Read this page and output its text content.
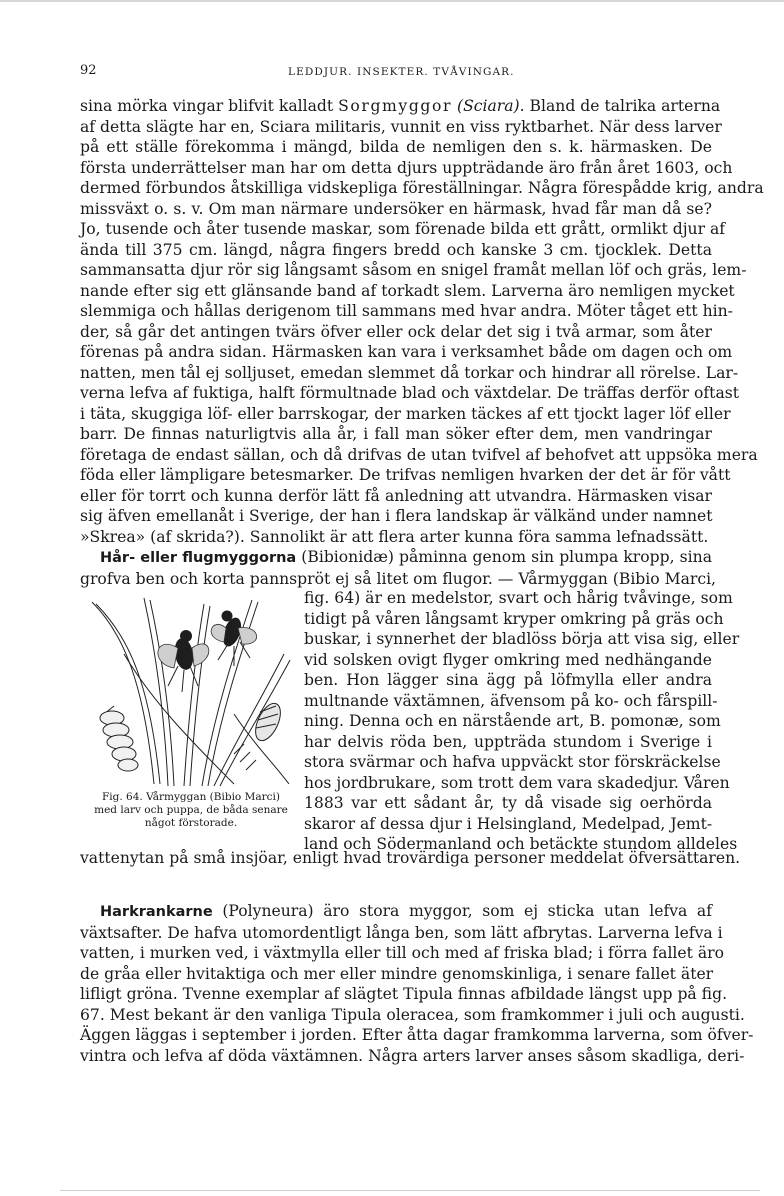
92	LEDDJUR. INSEKTER. TVÅVINGAR.
sina mörka vingar blifvit kalladt Sorgmyggor (Sciara). Bland de talrika arterna
af detta slägte har en, Sciara militaris, vunnit en viss ryktbarhet. När dess larver
på ett ställe förekomma i mängd, bilda de nemligen den s. k. härmasken. De
första underrättelser man har om detta djurs uppträdande äro från året 1603, och
dermed förbundos åtskilliga vidskepliga föreställningar. Några förespådde krig, andra
missväxt o. s. v. Om man närmare undersöker en härmask, hvad får man då se?
Jo, tusende och åter tusende maskar, som förenade bilda ett grått, ormlikt djur af
ända till 375 cm. längd, några fingers bredd och kanske 3 cm. tjocklek. Detta
sammansatta djur rör sig långsamt såsom en snigel framåt mellan löf och gräs, lem-
nande efter sig ett glänsande band af torkadt slem. Larverna äro nemligen mycket
slemmiga och hållas derigenom till sammans med hvar andra. Möter tåget ett hin-
der, så går det antingen tvärs öfver eller ock delar det sig i två armar, som åter
förenas på andra sidan. Härmasken kan vara i verksamhet både om dagen och om
natten, men tål ej solljuset, emedan slemmet då torkar och hindrar all rörelse. Lar-
verna lefva af fuktiga, halft förmultnade blad och växtdelar. De träffas derför oftast
i täta, skuggiga löf- eller barrskogar, der marken täckes af ett tjockt lager löf eller
barr. De finnas naturligtvis alla år, i fall man söker efter dem, men vandringar
företaga de endast sällan, och då drifvas de utan tvifvel af behofvet att uppsöka mera
föda eller lämpligare betesmarker. De trifvas nemligen hvarken der det är för vått
eller för torrt och kunna derför lätt få anledning att utvandra. Härmasken visar
sig äfven emellanåt i Sverige, der han i flera landskap är välkänd under namnet
»Skrea» (af skrida?). Sannolikt är att flera arter kunna föra samma lefnadssätt.
Hår- eller flugmyggorna (Bibionidæ) påminna genom sin plumpa kropp, sina
grofva ben och korta pannspröt ej så litet om flugor. — Vårmyggan (Bibio Marci,
fig. 64) är en medelstor, svart och hårig tvåvinge, som
tidigt på våren långsamt kryper omkring på gräs och
buskar, i synnerhet der bladlöss börja att visa sig, eller
vid solsken ovigt flyger omkring med nedhängande
ben. Hon lägger sina ägg på löfmylla eller andra
multnande växtämnen, äfvensom på ko- och fårspill-
ning. Denna och en närstående art, B. pomonæ, som
har delvis röda ben, uppträda stundom i Sverige i
stora svärmar och hafva uppväckt stor förskräckelse
hos jordbrukare, som trott dem vara skadedjur. Våren
1883 var ett sådant år, ty då visade sig oerhörda
skaror af dessa djur i Helsingland, Medelpad, Jemt-
land och Södermanland och betäckte stundom alldeles
vattenytan på små insjöar, enligt hvad trovärdiga personer meddelat öfversättaren.
Fig. 64. Vårmyggan (Bibio Marci)
med larv och puppa, de båda senare
något förstorade.
Harkrankarne (Polyneura) äro stora myggor, som ej sticka utan lefva af
växtsafter. De hafva utomordentligt långa ben, som lätt afbrytas. Larverna lefva i
vatten, i murken ved, i växtmylla eller till och med af friska blad; i förra fallet äro
de gråa eller hvitaktiga och mer eller mindre genomskinliga, i senare fallet äter
lifligt gröna. Tvenne exemplar af slägtet Tipula finnas afbildade längst upp på fig.
67. Mest bekant är den vanliga Tipula oleracea, som framkommer i juli och augusti.
Äggen läggas i september i jorden. Efter åtta dagar framkomma larverna, som öfver-
vintra och lefva af döda växtämnen. Några arters larver anses såsom skadliga, deri-
